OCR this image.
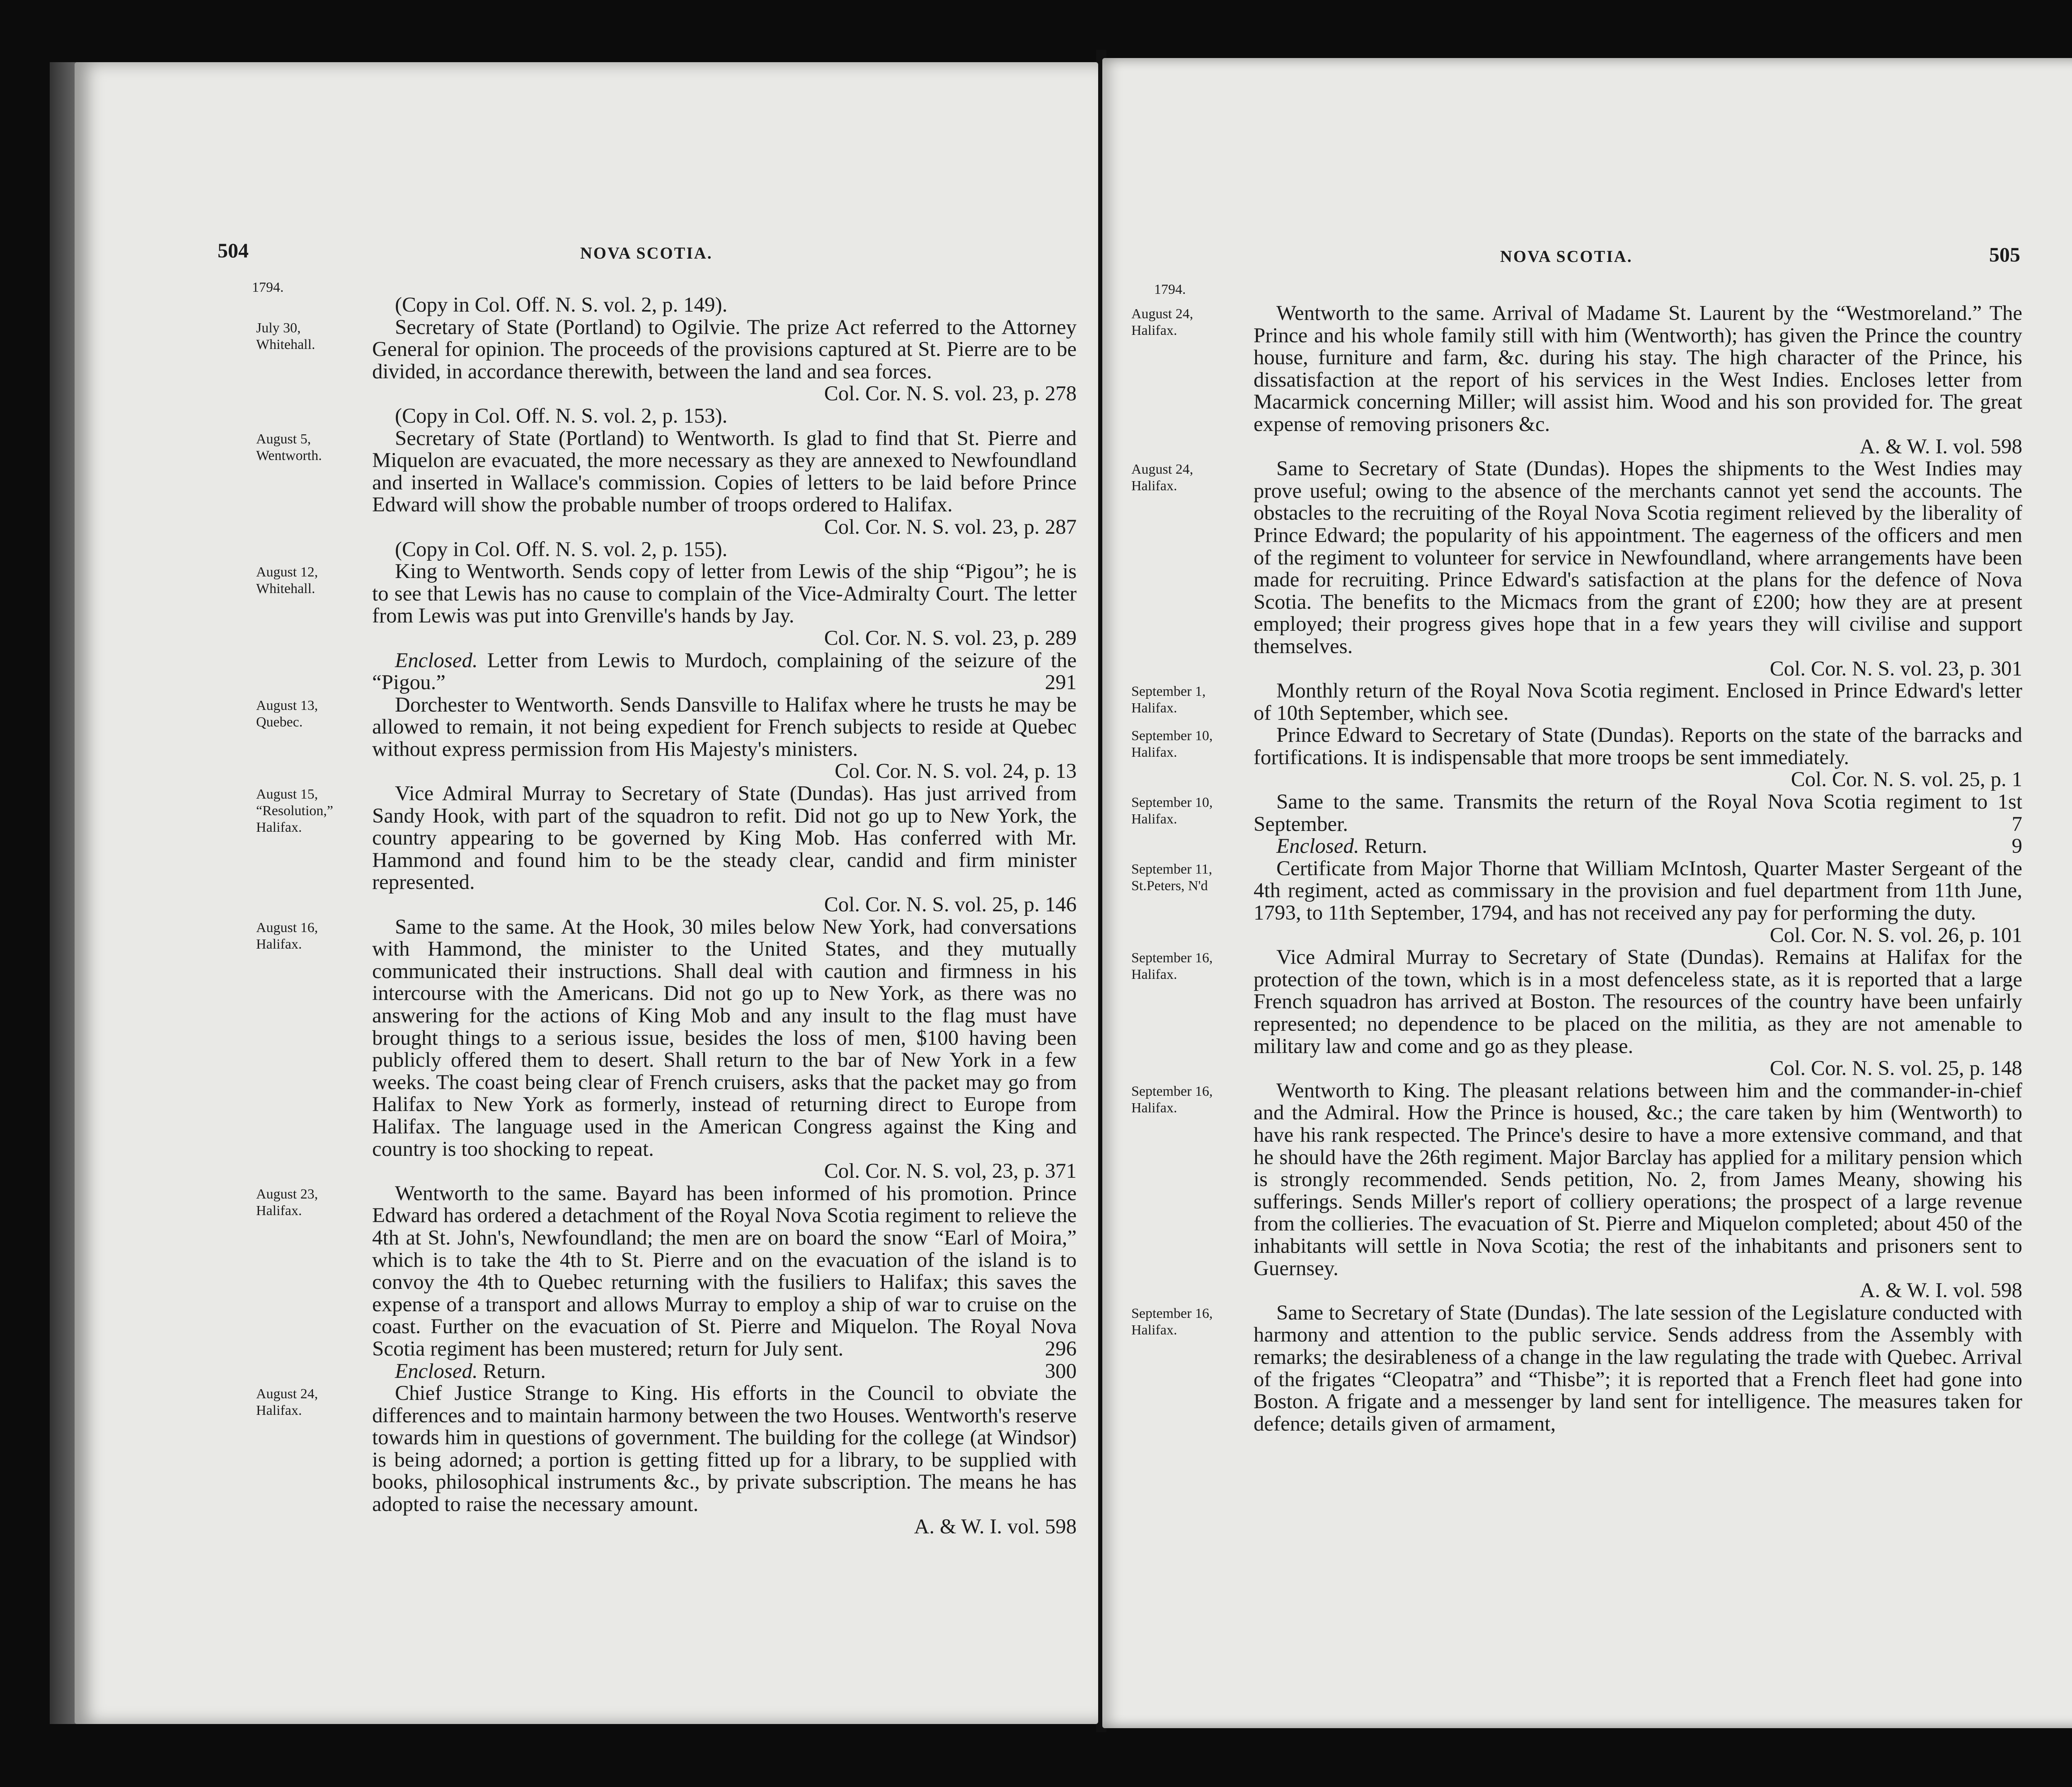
504	NOVA SCOTIA.
1794.

(Copy in Col. Off. N. S. vol. 2, p. 149).

July 30,
Whitehall.

Secretary of State (Portland) to Ogilvie. The prize Act referred to the Attorney General for opinion. The proceeds of the provisions captured at St. Pierre are to be divided, in accordance therewith, between the land and sea forces.

Col. Cor. N. S. vol. 23, p. 278

(Copy in Col. Off. N. S. vol. 2, p. 153).

August 5,
Wentworth.

Secretary of State (Portland) to Wentworth. Is glad to find that St. Pierre and Miquelon are evacuated, the more necessary as they are annexed to Newfoundland and inserted in Wallace's commission. Copies of letters to be laid before Prince Edward will show the probable number of troops ordered to Halifax.

Col. Cor. N. S. vol. 23, p. 287

(Copy in Col. Off. N. S. vol. 2, p. 155).

August 12,
Whitehall.

King to Wentworth. Sends copy of letter from Lewis of the ship “Pigou”; he is to see that Lewis has no cause to complain of the Vice-Admiralty Court. The letter from Lewis was put into Grenville's hands by Jay.

Col. Cor. N. S. vol. 23, p. 289

Enclosed. Letter from Lewis to Murdoch, complaining of the seizure of the “Pigou.”	291

August 13,
Quebec.

Dorchester to Wentworth. Sends Dansville to Halifax where he trusts he may be allowed to remain, it not being expedient for French subjects to reside at Quebec without express permission from His Majesty's ministers.

Col. Cor. N. S. vol. 24, p. 13
August 15,
“Resolution,”
Halifax.

Vice Admiral Murray to Secretary of State (Dundas). Has just arrived from Sandy Hook, with part of the squadron to refit. Did not go up to New York, the country appearing to be governed by King Mob. Has conferred with Mr. Hammond and found him to be the steady clear, candid and firm minister represented.

Col. Cor. N. S. vol. 25, p. 146
August 16,
Halifax.

Same to the same. At the Hook, 30 miles below New York, had conversations with Hammond, the minister to the United States, and they mutually communicated their instructions. Shall deal with caution and firmness in his intercourse with the Americans. Did not go up to New York, as there was no answering for the actions of King Mob and any insult to the flag must have brought things to a serious issue, besides the loss of men, $100 having been publicly offered them to desert. Shall return to the bar of New York in a few weeks. The coast being clear of French cruisers, asks that the packet may go from Halifax to New York as formerly, instead of returning direct to Europe from Halifax. The language used in the American Congress against the King and country is too shocking to repeat.

Col. Cor. N. S. vol, 23, p. 371
August 23,
Halifax.

Wentworth to the same. Bayard has been informed of his promotion. Prince Edward has ordered a detachment of the Royal Nova Scotia regiment to relieve the 4th at St. John's, Newfoundland; the men are on board the snow “Earl of Moira,” which is to take the 4th to St. Pierre and on the evacuation of the island is to convoy the 4th to Quebec returning with the fusiliers to Halifax; this saves the expense of a transport and allows Murray to employ a ship of war to cruise on the coast. Further on the evacuation of St. Pierre and Miquelon. The Royal Nova Scotia regiment has been mustered; return for July sent.	296

Enclosed. Return.	300

August 24,
Halifax.

Chief Justice Strange to King. His efforts in the Council to obviate the differences and to maintain harmony between the two Houses. Wentworth's reserve towards him in questions of government. The building for the college (at Windsor) is being adorned; a portion is getting fitted up for a library, to be supplied with books, philosophical instruments &c., by private subscription. The means he has adopted to raise the necessary amount.

A. & W. I. vol. 598
NOVA SCOTIA.	505
1794.
August 24,
Halifax.

Wentworth to the same. Arrival of Madame St. Laurent by the “Westmoreland.” The Prince and his whole family still with him (Wentworth); has given the Prince the country house, furniture and farm, &c. during his stay. The high character of the Prince, his dissatisfaction at the report of his services in the West Indies. Encloses letter from Macarmick concerning Miller; will assist him. Wood and his son provided for. The great expense of removing prisoners &c.

A. & W. I. vol. 598
August 24,
Halifax.

Same to Secretary of State (Dundas). Hopes the shipments to the West Indies may prove useful; owing to the absence of the merchants cannot yet send the accounts. The obstacles to the recruiting of the Royal Nova Scotia regiment relieved by the liberality of Prince Edward; the popularity of his appointment. The eagerness of the officers and men of the regiment to volunteer for service in Newfoundland, where arrangements have been made for recruiting. Prince Edward's satisfaction at the plans for the defence of Nova Scotia. The benefits to the Micmacs from the grant of £200; how they are at present employed; their progress gives hope that in a few years they will civilise and support themselves.

Col. Cor. N. S. vol. 23, p. 301
September 1,
Halifax.

Monthly return of the Royal Nova Scotia regiment. Enclosed in Prince Edward's letter of 10th September, which see.

September 10,
Halifax.

Prince Edward to Secretary of State (Dundas). Reports on the state of the barracks and fortifications. It is indispensable that more troops be sent immediately.

Col. Cor. N. S. vol. 25, p. 1
September 10,
Halifax.

Same to the same. Transmits the return of the Royal Nova Scotia regiment to 1st September.	7

Enclosed. Return.	9

September 11,
St.Peters, N'd

Certificate from Major Thorne that William McIntosh, Quarter Master Sergeant of the 4th regiment, acted as commissary in the provision and fuel department from 11th June, 1793, to 11th September, 1794, and has not received any pay for performing the duty.

Col. Cor. N. S. vol. 26, p. 101
September 16,
Halifax.

Vice Admiral Murray to Secretary of State (Dundas). Remains at Halifax for the protection of the town, which is in a most defenceless state, as it is reported that a large French squadron has arrived at Boston. The resources of the country have been unfairly represented; no dependence to be placed on the militia, as they are not amenable to military law and come and go as they please.

Col. Cor. N. S. vol. 25, p. 148
September 16,
Halifax.

Wentworth to King. The pleasant relations between him and the commander-in-chief and the Admiral. How the Prince is housed, &c.; the care taken by him (Wentworth) to have his rank respected. The Prince's desire to have a more extensive command, and that he should have the 26th regiment. Major Barclay has applied for a military pension which is strongly recommended. Sends petition, No. 2, from James Meany, showing his sufferings. Sends Miller's report of colliery operations; the prospect of a large revenue from the collieries. The evacuation of St. Pierre and Miquelon completed; about 450 of the inhabitants will settle in Nova Scotia; the rest of the inhabitants and prisoners sent to Guernsey.

A. & W. I. vol. 598
September 16,
Halifax.

Same to Secretary of State (Dundas). The late session of the Legislature conducted with harmony and attention to the public service. Sends address from the Assembly with remarks; the desirableness of a change in the law regulating the trade with Quebec. Arrival of the frigates “Cleopatra” and “Thisbe”; it is reported that a French fleet had gone into Boston. A frigate and a messenger by land sent for intelligence. The measures taken for defence; details given of armament,
